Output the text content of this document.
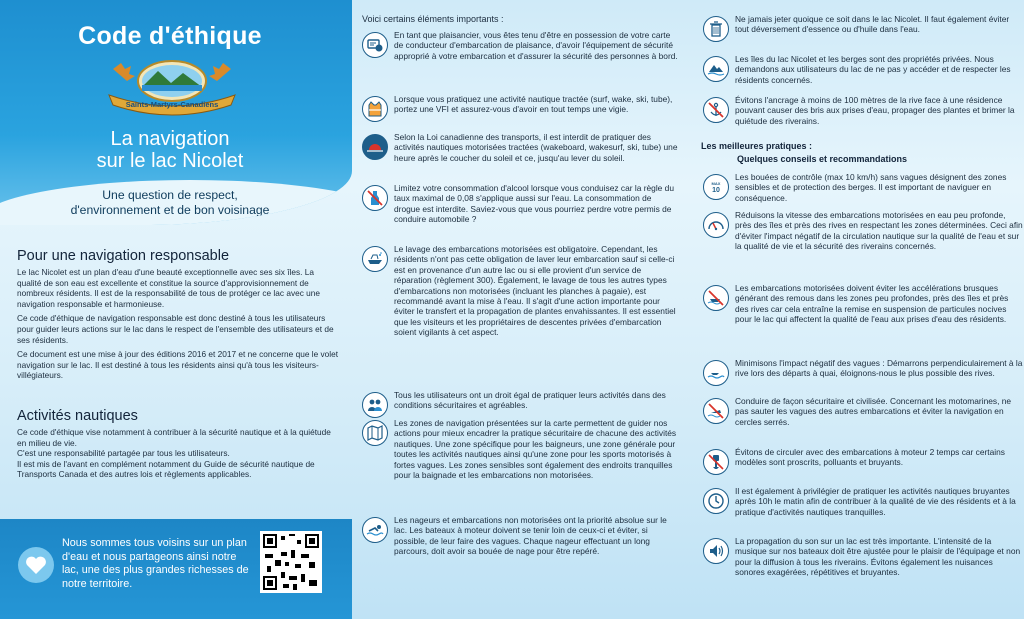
Code d'éthique
Saints-Martyrs-Canadiens
La navigation
sur le lac Nicolet
Une question de respect,
d'environnement et de bon voisinage
Pour une navigation responsable

Le lac Nicolet est un plan d'eau d'une beauté exceptionnelle avec ses six îles. La qualité de son eau est excellente et constitue la source d'approvisionnement de nombreux résidents. Il est de la responsabilité de tous de protéger ce lac avec une navigation responsable et harmonieuse.

Ce code d'éthique de navigation responsable est donc destiné à tous les utilisateurs pour guider leurs actions sur le lac dans le respect de l'ensemble des utilisateurs et de ses résidents.

Ce document est une mise à jour des éditions 2016 et 2017 et ne concerne que le volet navigation sur le lac. Il est destiné à tous les résidents ainsi qu'à tous les visiteurs-villégiateurs.

Activités nautiques

Ce code d'éthique vise notamment à contribuer à la sécurité nautique et à la quiétude en milieu de vie.

C'est une responsabilité partagée par tous les utilisateurs.

Il est mis de l'avant en complément notamment du Guide de sécurité nautique de Transports Canada et des autres lois et règlements applicables.

Nous sommes tous voisins sur un plan d'eau et nous partageons ainsi notre lac, une des plus grandes richesses de notre territoire.
Voici certains éléments importants :
En tant que plaisancier, vous êtes tenu d'être en possession de votre carte de conducteur d'embarcation de plaisance, d'avoir l'équipement de sécurité approprié à votre embarcation et d'assurer la sécurité des personnes à bord.
Lorsque vous pratiquez une activité nautique tractée (surf, wake, ski, tube), portez une VFI et assurez-vous d'avoir en tout temps une vigie.
Selon la Loi canadienne des transports, il est interdit de pratiquer des activités nautiques motorisées tractées (wakeboard, wakesurf, ski, tube) une heure après le coucher du soleil et ce, jusqu'au lever du soleil.
Limitez votre consommation d'alcool lorsque vous conduisez car la règle du taux maximal de 0,08 s'applique aussi sur l'eau. La consommation de drogue est interdite. Saviez-vous que vous pourriez perdre votre permis de conduire automobile ?
Le lavage des embarcations motorisées est obligatoire. Cependant, les résidents n'ont pas cette obligation de laver leur embarcation sauf si celle-ci est en provenance d'un autre lac ou si elle provient d'un service de réparation (règlement 300). Également, le lavage de tous les autres types d'embarcations non motorisées (incluant les planches à pagaie), est recommandé avant la mise à l'eau. Il s'agit d'une action importante pour éviter le transfert et la propagation de plantes envahissantes. Il est essentiel que les visiteurs et les propriétaires de descentes privées d'embarcation soient vigilants à cet aspect.
Tous les utilisateurs ont un droit égal de pratiquer leurs activités dans des conditions sécuritaires et agréables.
Les zones de navigation présentées sur la carte permettent de guider nos actions pour mieux encadrer la pratique sécuritaire de chacune des activités nautiques. Une zone spécifique pour les baigneurs, une zone générale pour toutes les activités nautiques ainsi qu'une zone pour les sports motorisés à fortes vagues. Les zones sensibles sont également des endroits tranquilles pour la baignade et les embarcations non motorisées.
Les nageurs et embarcations non motorisées ont la priorité absolue sur le lac. Les bateaux à moteur doivent se tenir loin de ceux-ci et éviter, si possible, de leur faire des vagues. Chaque nageur effectuant un long parcours, doit avoir sa bouée de nage pour être repéré.
Ne jamais jeter quoique ce soit dans le lac Nicolet. Il faut également éviter tout déversement d'essence ou d'huile dans l'eau.
Les îles du lac Nicolet et les berges sont des propriétés privées. Nous demandons aux utilisateurs du lac de ne pas y accéder et de respecter les résidents concernés.
Évitons l'ancrage à moins de 100 mètres de la rive face à une résidence pouvant causer des bris aux prises d'eau, propager des plantes et brimer la quiétude des riverains.
Les meilleures pratiques :
Quelques conseils et recommandations
MAX
10
Les bouées de contrôle (max 10 km/h) sans vagues désignent des zones sensibles et de protection des berges. Il est important de naviguer en conséquence.
Réduisons la vitesse des embarcations motorisées en eau peu profonde, près des îles et près des rives en respectant les zones déterminées. Ceci afin d'éviter l'impact négatif de la circulation nautique sur la qualité de l'eau et sur la qualité de vie et la sécurité des riverains concernés.
Les embarcations motorisées doivent éviter les accélérations brusques générant des remous dans les zones peu profondes, près des îles et près des rives car cela entraîne la remise en suspension de particules nocives pour le lac qui affectent la qualité de l'eau aux prises d'eau des résidents.
Minimisons l'impact négatif des vagues : Démarrons perpendiculairement à la rive lors des départs à quai, éloignons-nous le plus possible des rives.
Conduire de façon sécuritaire et civilisée. Concernant les motomarines, ne pas sauter les vagues des autres embarcations et éviter la navigation en cercles serrés.
Évitons de circuler avec des embarcations à moteur 2 temps car certains modèles sont proscrits, polluants et bruyants.
Il est également à privilégier de pratiquer les activités nautiques bruyantes après 10h le matin afin de contribuer à la qualité de vie des résidents et à la pratique d'activités nautiques tranquilles.
La propagation du son sur un lac est très importante. L'intensité de la musique sur nos bateaux doit être ajustée pour le plaisir de l'équipage et non pour la diffusion à tous les riverains. Évitons également les nuisances sonores exagérées, répétitives et bruyantes.
